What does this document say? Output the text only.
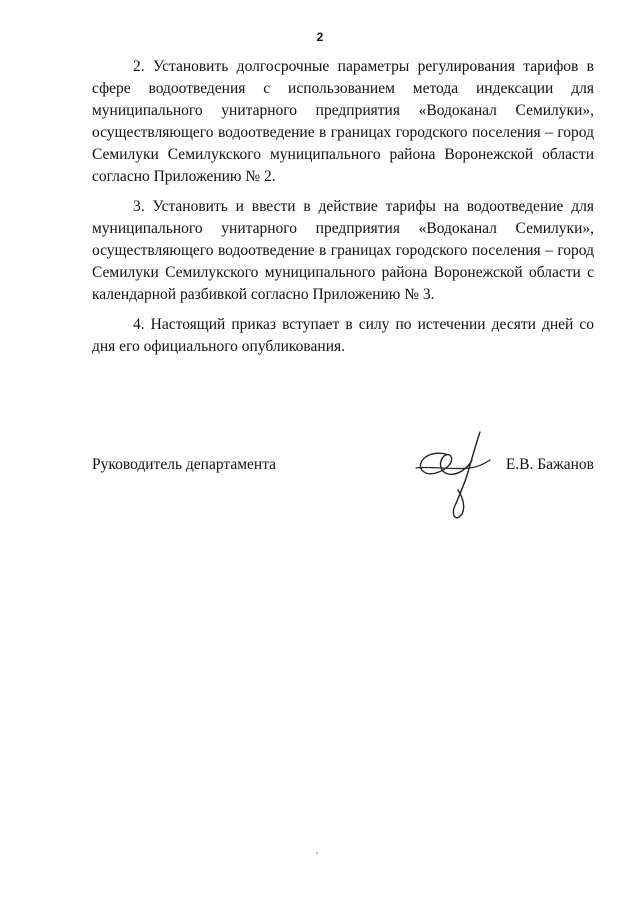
2

2. Установить долгосрочные параметры регулирования тарифов в сфере водоотведения с использованием метода индексации для муниципального унитарного предприятия «Водоканал Семилуки», осуществляющего водоотведение в границах городского поселения – город Семилуки Семилукского муниципального района Воронежской области согласно Приложению № 2.

3. Установить и ввести в действие тарифы на водоотведение для муниципального унитарного предприятия «Водоканал Семилуки», осуществляющего водоотведение в границах городского поселения – город Семилуки Семилукского муниципального района Воронежской области с календарной разбивкой согласно Приложению № 3.

4. Настоящий приказ вступает в силу по истечении десяти дней со дня его официального опубликования.

Руководитель департамента	Е.В. Бажанов
